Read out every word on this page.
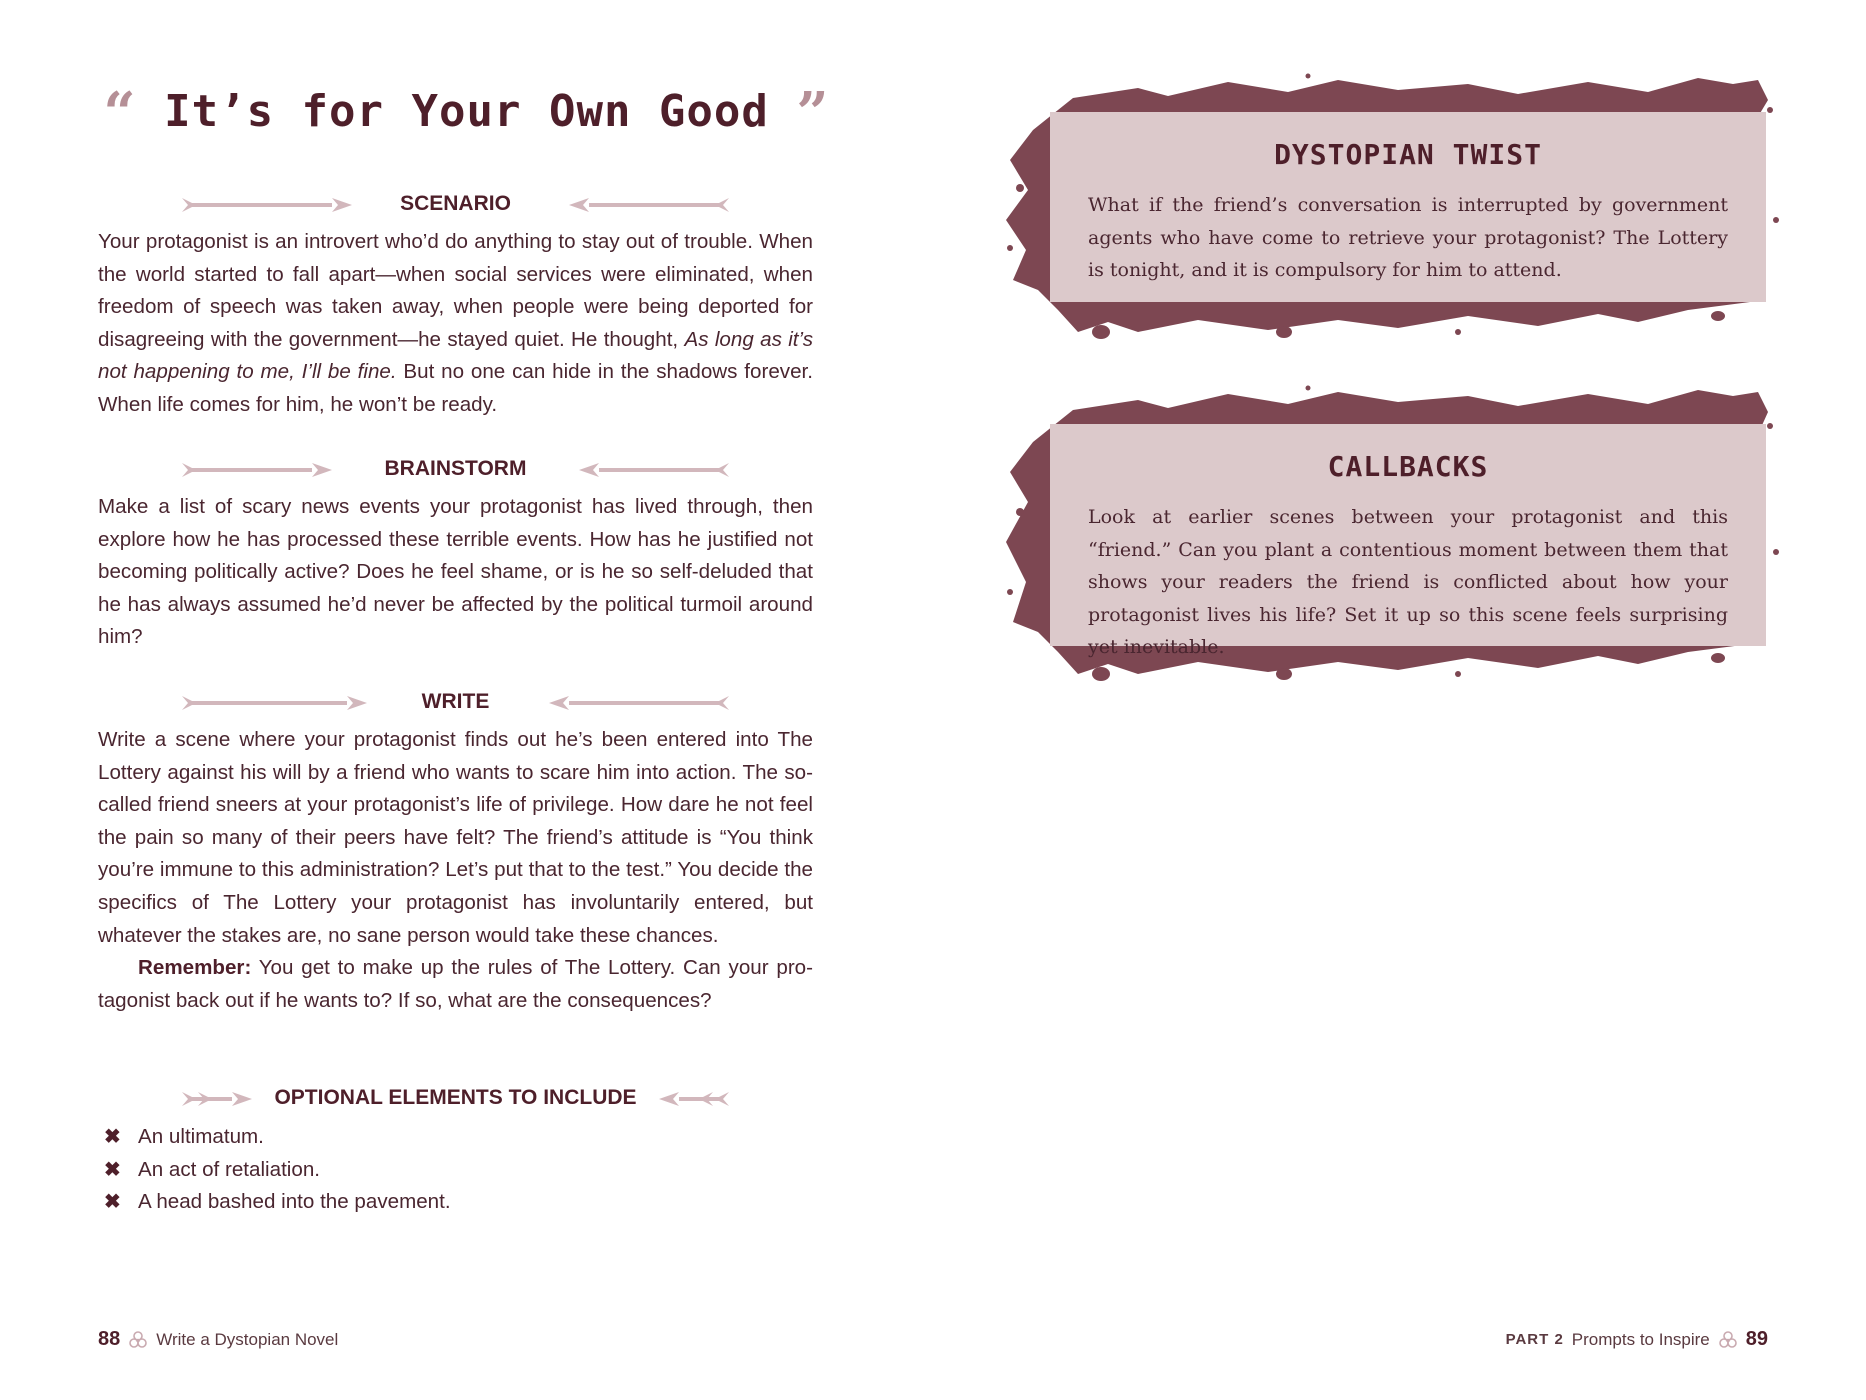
“ It’s for Your Own Good ”
SCENARIO

Your protagonist is an introvert who’d do anything to stay out of trouble. When the world started to fall apart—when social services were eliminated, when freedom of speech was taken away, when people were being deported for disagreeing with the government—he stayed quiet. He thought, As long as it’s not happening to me, I’ll be fine. But no one can hide in the shadows forever. When life comes for him, he won’t be ready.

BRAINSTORM

Make a list of scary news events your protagonist has lived through, then explore how he has processed these terrible events. How has he justified not becoming politically active? Does he feel shame, or is he so self-deluded that he has always assumed he’d never be affected by the political turmoil around him?

WRITE

Write a scene where your protagonist finds out he’s been entered into The Lottery against his will by a friend who wants to scare him into action. The so-called friend sneers at your protagonist’s life of privilege. How dare he not feel the pain so many of their peers have felt? The friend’s attitude is “You think you’re immune to this administration? Let’s put that to the test.” You decide the specifics of The Lottery your protagonist has involuntarily entered, but whatever the stakes are, no sane person would take these chances.

Remember: You get to make up the rules of The Lottery. Can your protagonist back out if he wants to? If so, what are the consequences?

OPTIONAL ELEMENTS TO INCLUDE
✖ An ultimatum.
✖ An act of retaliation.
✖ A head bashed into the pavement.
88 Write a Dystopian Novel
DYSTOPIAN TWIST
What if the friend’s conversation is interrupted by government agents who have come to retrieve your protagonist? The Lottery is tonight, and it is compulsory for him to attend.
CALLBACKS
Look at earlier scenes between your protagonist and this “friend.” Can you plant a contentious moment between them that shows your readers the friend is conflicted about how your protagonist lives his life? Set it up so this scene feels surprising yet inevitable.
PART 2 Prompts to Inspire 89
